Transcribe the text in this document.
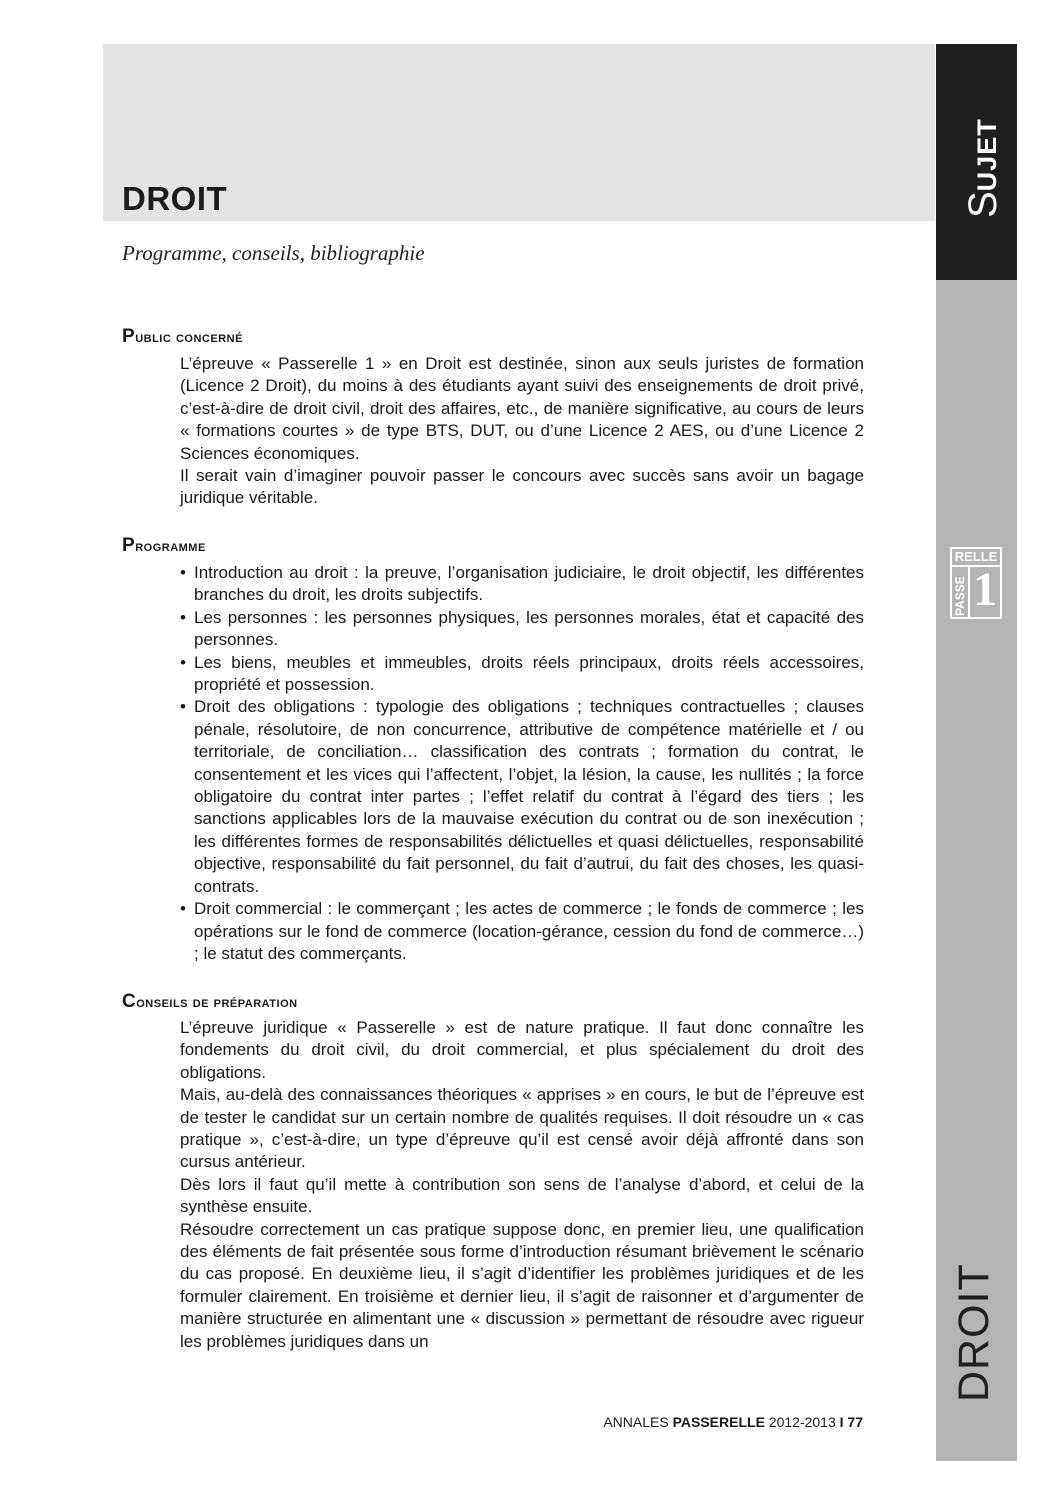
DROIT

Programme, conseils, bibliographie

SUJET
DROIT
RELLE
PASSE 1
Public concerné

L’épreuve « Passerelle 1 » en Droit est destinée, sinon aux seuls juristes de formation (Licence 2 Droit), du moins à des étudiants ayant suivi des enseignements de droit privé, c’est-à-dire de droit civil, droit des affaires, etc., de manière significative, au cours de leurs « formations courtes » de type BTS, DUT, ou d’une Licence 2 AES, ou d’une Licence 2 Sciences économiques.

Il serait vain d’imaginer pouvoir passer le concours avec succès sans avoir un bagage juridique véritable.

Programme
• Introduction au droit : la preuve, l’organisation judiciaire, le droit objectif, les différentes branches du droit, les droits subjectifs.
• Les personnes : les personnes physiques, les personnes morales, état et capacité des personnes.
• Les biens, meubles et immeubles, droits réels principaux, droits réels accessoires, propriété et possession.
• Droit des obligations : typologie des obligations ; techniques contractuelles ; clauses pénale, résolutoire, de non concurrence, attributive de compétence matérielle et / ou territoriale, de conciliation… classification des contrats ; formation du contrat, le consentement et les vices qui l’affectent, l’objet, la lésion, la cause, les nullités ; la force obligatoire du contrat inter partes ; l’effet relatif du contrat à l’égard des tiers ; les sanctions applicables lors de la mauvaise exécution du contrat ou de son inexécution ; les différentes formes de responsabilités délictuelles et quasi délictuelles, responsabilité objective, responsabilité du fait personnel, du fait d’autrui, du fait des choses, les quasi-contrats.
• Droit commercial : le commerçant ; les actes de commerce ; le fonds de commerce ; les opérations sur le fond de commerce (location-gérance, cession du fond de commerce…) ; le statut des commerçants.
Conseils de préparation

L’épreuve juridique « Passerelle » est de nature pratique. Il faut donc connaître les fondements du droit civil, du droit commercial, et plus spécialement du droit des obligations.

Mais, au-delà des connaissances théoriques « apprises » en cours, le but de l’épreuve est de tester le candidat sur un certain nombre de qualités requises. Il doit résoudre un « cas pratique », c’est-à-dire, un type d’épreuve qu’il est censé avoir déjà affronté dans son cursus antérieur.

Dès lors il faut qu’il mette à contribution son sens de l’analyse d’abord, et celui de la synthèse ensuite.

Résoudre correctement un cas pratique suppose donc, en premier lieu, une qualification des éléments de fait présentée sous forme d’introduction résumant brièvement le scénario du cas proposé. En deuxième lieu, il s’agit d’identifier les problèmes juridiques et de les formuler clairement. En troisième et dernier lieu, il s’agit de raisonner et d’argumenter de manière structurée en alimentant une « discussion » permettant de résoudre avec rigueur les problèmes juridiques dans un

ANNALES PASSERELLE 2012-2013 I 77
